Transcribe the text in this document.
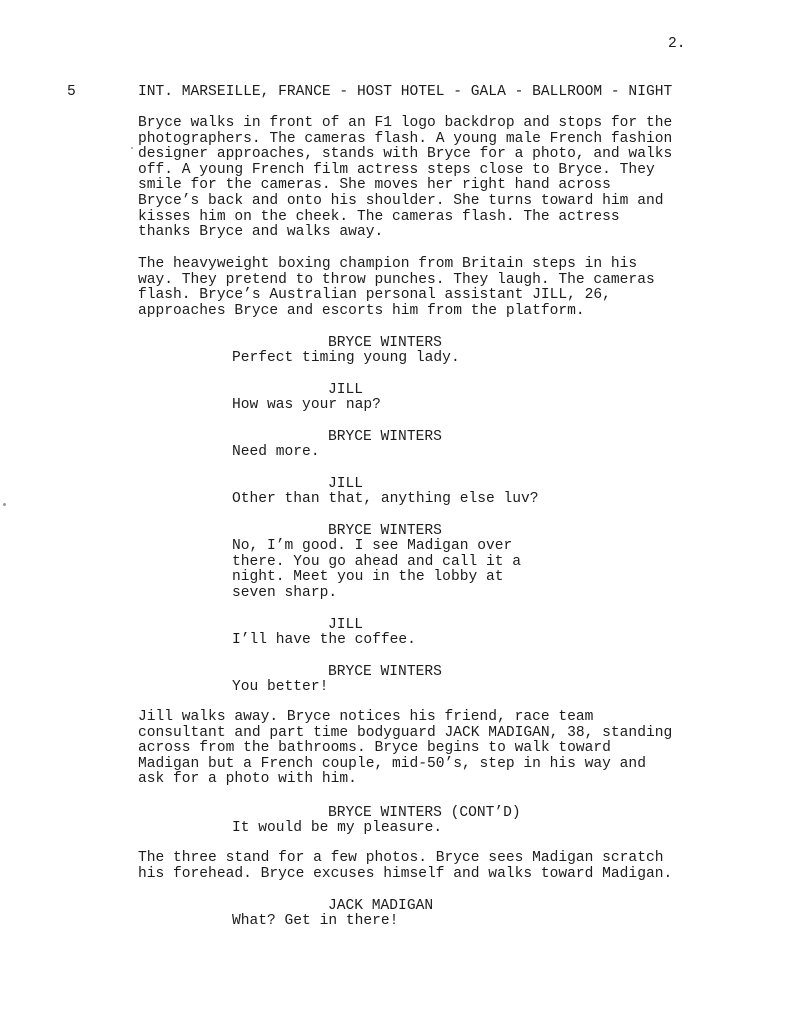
2.
5	INT. MARSEILLE, FRANCE - HOST HOTEL - GALA - BALLROOM - NIGHT
Bryce walks in front of an F1 logo backdrop and stops for the
photographers. The cameras flash. A young male French fashion
designer approaches, stands with Bryce for a photo, and walks
off. A young French film actress steps close to Bryce. They
smile for the cameras. She moves her right hand across
Bryce’s back and onto his shoulder. She turns toward him and
kisses him on the cheek. The cameras flash. The actress
thanks Bryce and walks away.
The heavyweight boxing champion from Britain steps in his
way. They pretend to throw punches. They laugh. The cameras
flash. Bryce’s Australian personal assistant JILL, 26,
approaches Bryce and escorts him from the platform.
BRYCE WINTERS
Perfect timing young lady.
JILL
How was your nap?
BRYCE WINTERS
Need more.
JILL
Other than that, anything else luv?
BRYCE WINTERS
No, I’m good. I see Madigan over
there. You go ahead and call it a
night. Meet you in the lobby at
seven sharp.
JILL
I’ll have the coffee.
BRYCE WINTERS
You better!
Jill walks away. Bryce notices his friend, race team
consultant and part time bodyguard JACK MADIGAN, 38, standing
across from the bathrooms. Bryce begins to walk toward
Madigan but a French couple, mid-50’s, step in his way and
ask for a photo with him.
BRYCE WINTERS (CONT’D)
It would be my pleasure.
The three stand for a few photos. Bryce sees Madigan scratch
his forehead. Bryce excuses himself and walks toward Madigan.
JACK MADIGAN
What? Get in there!
